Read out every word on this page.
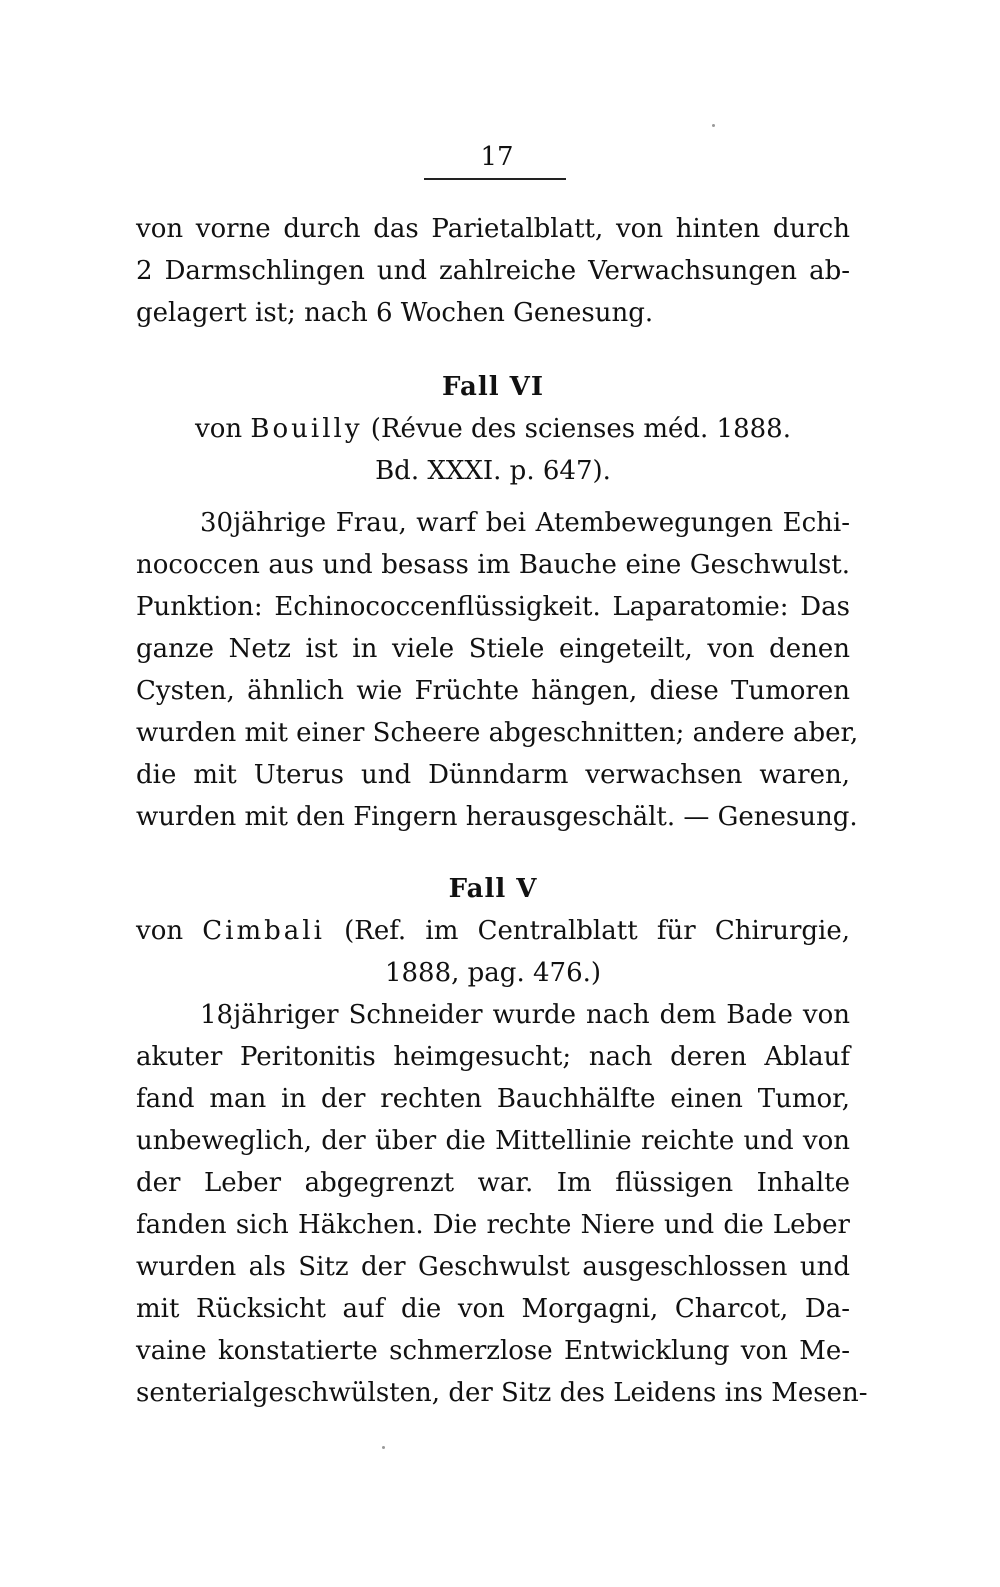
17
von vorne durch das Parietalblatt, von hinten durch
2 Darmschlingen und zahlreiche Verwachsungen ab-
gelagert ist; nach 6 Wochen Genesung.
Fall VI
von Bouilly (Révue des scienses méd. 1888.
Bd. XXXI. p. 647).
30jährige Frau, warf bei Atembewegungen Echi-
nococcen aus und besass im Bauche eine Geschwulst.
Punktion: Echinococcenflüssigkeit. Laparatomie: Das
ganze Netz ist in viele Stiele eingeteilt, von denen
Cysten, ähnlich wie Früchte hängen, diese Tumoren
wurden mit einer Scheere abgeschnitten; andere aber,
die mit Uterus und Dünndarm verwachsen waren,
wurden mit den Fingern herausgeschält. — Genesung.
Fall V
von Cimbali (Ref. im Centralblatt für Chirurgie,
1888, pag. 476.)
18jähriger Schneider wurde nach dem Bade von
akuter Peritonitis heimgesucht; nach deren Ablauf
fand man in der rechten Bauchhälfte einen Tumor,
unbeweglich, der über die Mittellinie reichte und von
der Leber abgegrenzt war. Im flüssigen Inhalte
fanden sich Häkchen. Die rechte Niere und die Leber
wurden als Sitz der Geschwulst ausgeschlossen und
mit Rücksicht auf die von Morgagni, Charcot, Da-
vaine konstatierte schmerzlose Entwicklung von Me-
senterialgeschwülsten, der Sitz des Leidens ins Mesen-
